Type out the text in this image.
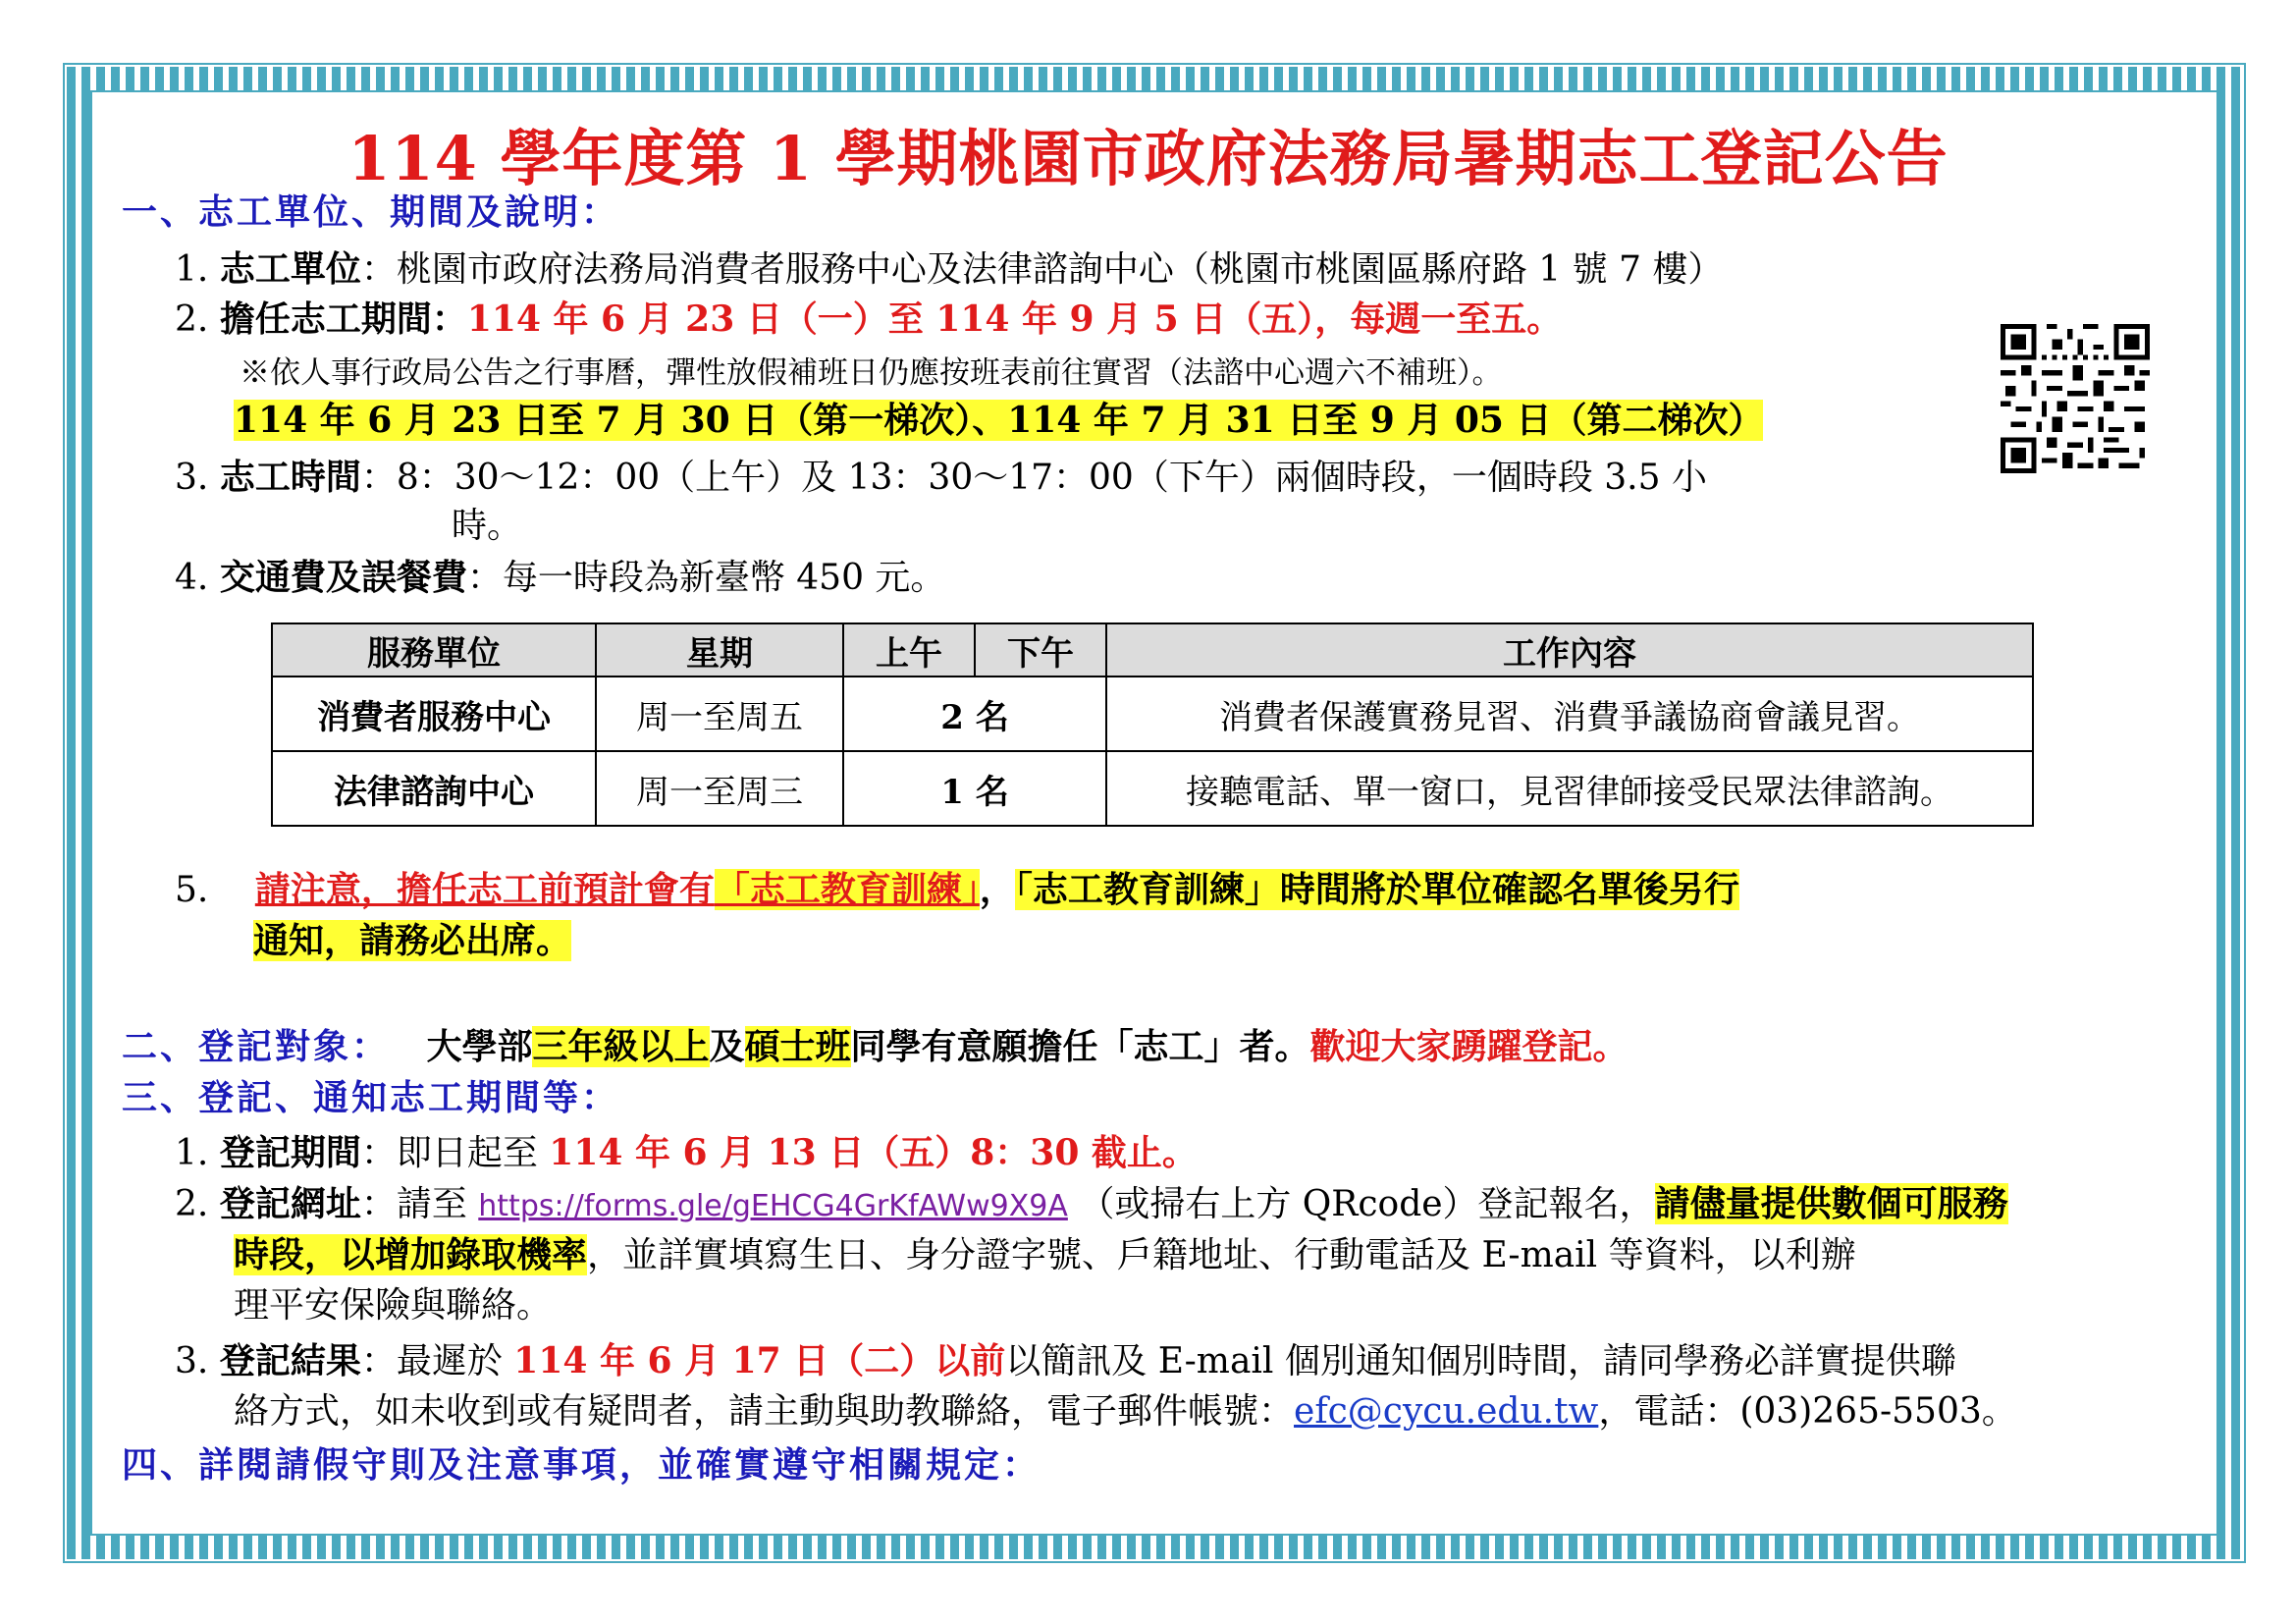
114 學年度第 1 學期桃園市政府法務局暑期志工登記公告
一、志工單位、期間及說明：
1. 志工單位：桃園市政府法務局消費者服務中心及法律諮詢中心（桃園市桃園區縣府路 1 號 7 樓）
2. 擔任志工期間：114 年 6 月 23 日（一）至 114 年 9 月 5 日（五），每週一至五。
※依人事行政局公告之行事曆，彈性放假補班日仍應按班表前往實習（法諮中心週六不補班）。
114 年 6 月 23 日至 7 月 30 日（第一梯次）、114 年 7 月 31 日至 9 月 05 日（第二梯次）
3. 志工時間：8：30～12：00（上午）及 13：30～17：00（下午）兩個時段，一個時段 3.5 小
時。
4. 交通費及誤餐費：每一時段為新臺幣 450 元。
服務單位	星期	上午	下午	工作內容
消費者服務中心	周一至周五	2 名		消費者保護實務見習、消費爭議協商會議見習。
法律諮詢中心	周一至周三	1 名		接聽電話、單一窗口，見習律師接受民眾法律諮詢。
5. 請注意，擔任志工前預計會有「志工教育訓練」，「志工教育訓練」時間將於單位確認名單後另行
通知，請務必出席。
二、登記對象： 大學部三年級以上及碩士班同學有意願擔任「志工」者。歡迎大家踴躍登記。
三、登記、通知志工期間等：
1. 登記期間：即日起至 114 年 6 月 13 日（五）8：30 截止。
2. 登記網址：請至 https://forms.gle/gEHCG4GrKfAWw9X9A （或掃右上方 QRcode）登記報名，請儘量提供數個可服務
時段，以增加錄取機率，並詳實填寫生日、身分證字號、戶籍地址、行動電話及 E-mail 等資料，以利辦
理平安保險與聯絡。
3. 登記結果：最遲於 114 年 6 月 17 日（二）以前以簡訊及 E-mail 個別通知個別時間，請同學務必詳實提供聯
絡方式，如未收到或有疑問者，請主動與助教聯絡，電子郵件帳號：efc@cycu.edu.tw，電話：(03)265-5503。
四、詳閱請假守則及注意事項，並確實遵守相關規定：
